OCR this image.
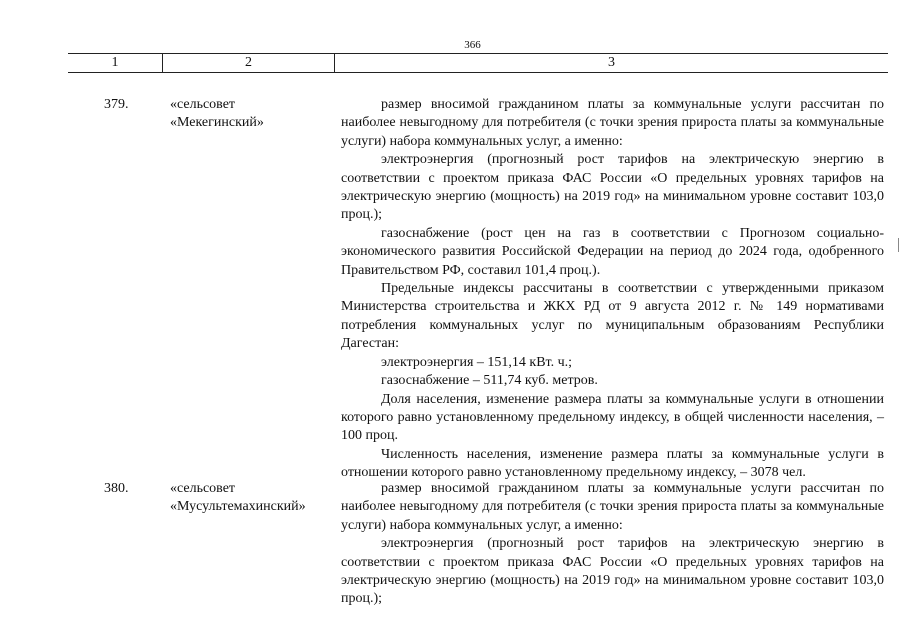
366
1	2	3
379.	«сельсовет
«Мекегинский»

размер вносимой гражданином платы за коммунальные услуги рассчитан по наиболее невыгодному для потребителя (с точки зрения прироста платы за коммунальные услуги) набора коммунальных услуг, а именно:

электроэнергия (прогнозный рост тарифов на электрическую энергию в соответствии с проектом приказа ФАС России «О предельных уровнях тарифов на электрическую энергию (мощность) на 2019 год» на минимальном уровне составит 103,0 проц.);

газоснабжение (рост цен на газ в соответствии с Прогнозом социально-экономического развития Российской Федерации на период до 2024 года, одобренного Правительством РФ, составил 101,4 проц.).

Предельные индексы рассчитаны в соответствии с утвержденными приказом Министерства строительства и ЖКХ РД от 9 августа 2012 г. № 149 нормативами потребления коммунальных услуг по муниципальным образованиям Республики Дагестан:

электроэнергия – 151,14 кВт. ч.;

газоснабжение – 511,74 куб. метров.

Доля населения, изменение размера платы за коммунальные услуги в отношении которого равно установленному предельному индексу, в общей численности населения, – 100 проц.

Численность населения, изменение размера платы за коммунальные услуги в отношении которого равно установленному предельному индексу, – 3078 чел.

380.	«сельсовет
«Мусультемахинский»

размер вносимой гражданином платы за коммунальные услуги рассчитан по наиболее невыгодному для потребителя (с точки зрения прироста платы за коммунальные услуги) набора коммунальных услуг, а именно:

электроэнергия (прогнозный рост тарифов на электрическую энергию в соответствии с проектом приказа ФАС России «О предельных уровнях тарифов на электрическую энергию (мощность) на 2019 год» на минимальном уровне составит 103,0 проц.);
